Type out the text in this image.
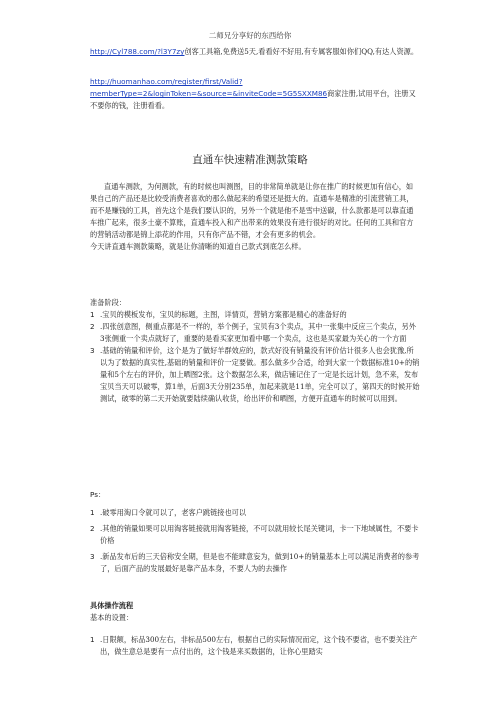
二师兄分享好的东西给你
http://Cyl788.com/?l3Y7zy创客工具箱,免费送5天,看看好不好用,有专属客服如你们QQ,有达人资源。
http://huomanhao.com/register/first/Valid?memberType=2&loginToken=&source=&inviteCode=5G5SXXM86商家注册,试用平台，注册又不要你的钱，注册看看。
直通车快速精准测款策略
直通车测款，为何测款，有的时候也叫测图，目的非常简单就是让你在推广的时候更加有信心，如果自己的产品还是比较受消费者喜欢的那么做起来的希望还是挺大的。直通车是精准的引流营销工具，而不是赚钱的工具，首先这个是我们要认识的，另外一个就是他不是雪中送碳，什么款都是可以靠直通车推广起来，很多土豪不算账，直通车投入和产出带来的效果没有进行很好的对比。任何的工具和官方的营销活动都是锦上添花的作用，只有你产品不错，才会有更多的机会。
今天讲直通车测款策略，就是让你清晰的知道自己款式到底怎么样。
准备阶段：
1 .宝贝的模板发布，宝贝的标题，主图，详情页，营销方案都是精心的准备好的
2 .四张创意图，侧重点都是不一样的，举个例子，宝贝有3个卖点，其中一张集中反应三个卖点，另外3张侧重一个卖点就好了，重要的是看买家更加看中哪一个卖点，这也是买家最为关心的一个方面
3 .基础的销量和评价，这个是为了做好羊群效应的，款式好没有销量没有评价估计很多人也会犹豫,所以为了数据的真实性,基础的销量和评价一定要做。那么做多少合适，给到大家一个数据标准10+的销量和5个左右的评价，加上晒图2张。这个数据怎么来，做店铺记住了一定是长远计划，急不来，发布宝贝当天可以破零，算1单，后面3天分别235单，加起来就是11单，完全可以了，第四天的时候开始测试，破零的第二天开始就要陆续确认收货，给出评价和晒图，方便开直通车的时候可以用到。
Ps：
1 .破零用淘口令就可以了，老客户跳链接也可以
2 .其他的销量如果可以用淘客链接就用淘客链接，不可以就用较长尾关键词，卡一下地域属性，不要卡价格
3 .新品发布后的三天倍称安全期，但是也不能肆意妄为，做到10+的销量基本上可以满足消费者的参考了，后面产品的发展最好是靠产品本身，不要人为的去操作
具体操作流程
基本的设置：
1 .日限额，标品300左右，非标品500左右，根据自己的实际情况而定，这个钱不要省，也不要关注产出，做生意总是要有一点付出的，这个钱是来买数据的，让你心里踏实
